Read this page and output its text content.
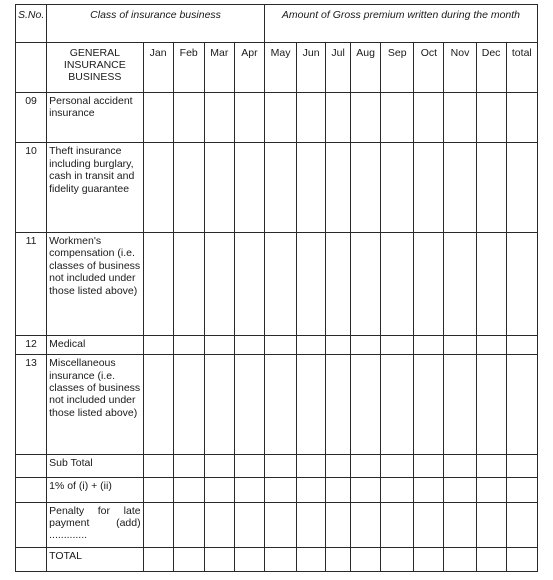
S.No.	Class of insurance business					Amount of Gross premium written during the month								
	GENERAL INSURANCE BUSINESS	Jan	Feb	Mar	Apr	May	Jun	Jul	Aug	Sep	Oct	Nov	Dec	total
09	Personal accident insurance													
10	Theft insurance including burglary, cash in transit and fidelity guarantee													
11	Workmen's compensation (i.e. classes of business not included under those listed above)													
12	Medical													
13	Miscellaneous insurance (i.e. classes of business not included under those listed above)													
	Sub Total													
	1% of (i) + (ii)													
	Penalty for late payment (add) .............													
	TOTAL													
